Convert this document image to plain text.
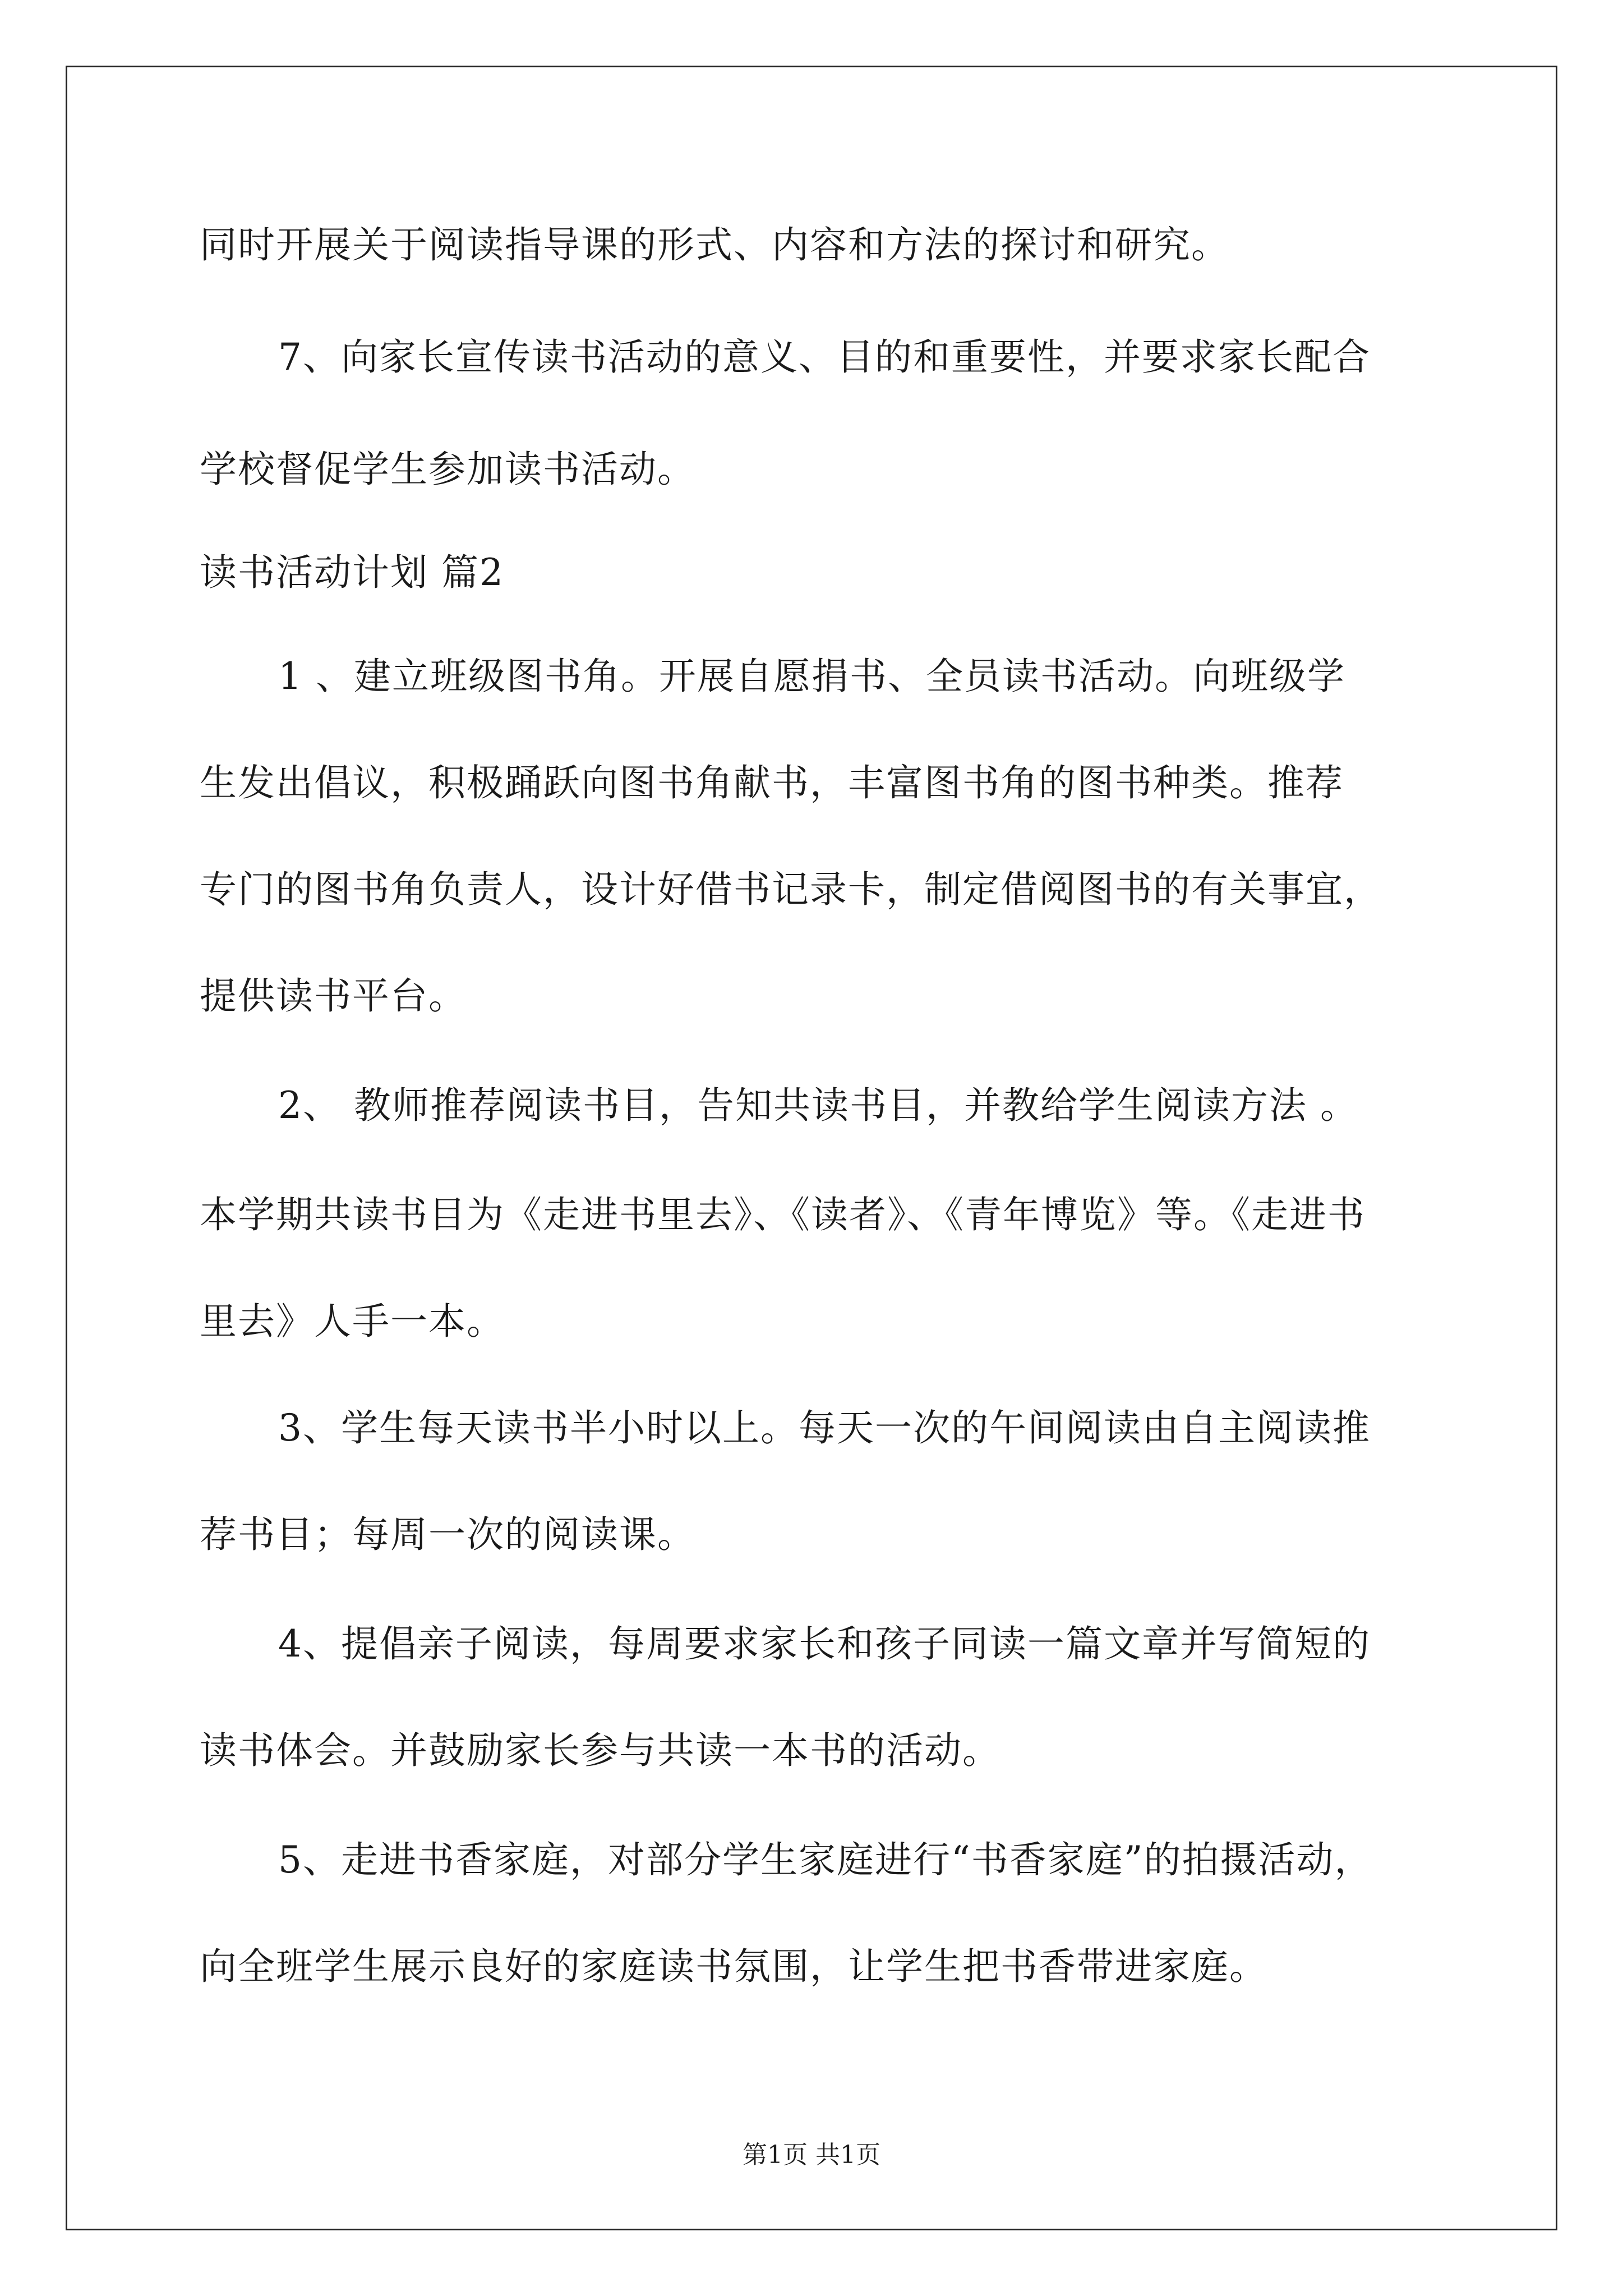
同时开展关于阅读指导课的形式、内容和方法的探讨和研究。
7、向家长宣传读书活动的意义、目的和重要性，并要求家长配合
学校督促学生参加读书活动。
读书活动计划 篇2
1 、建立班级图书角。开展自愿捐书、全员读书活动。向班级学
生发出倡议，积极踊跃向图书角献书，丰富图书角的图书种类。推荐
专门的图书角负责人，设计好借书记录卡，制定借阅图书的有关事宜，
提供读书平台。
2、 教师推荐阅读书目，告知共读书目，并教给学生阅读方法 。
本学期共读书目为《走进书里去》、《读者》、《青年博览》等。《走进书
里去》人手一本。
3、学生每天读书半小时以上。每天一次的午间阅读由自主阅读推
荐书目；每周一次的阅读课。
4、提倡亲子阅读，每周要求家长和孩子同读一篇文章并写简短的
读书体会。并鼓励家长参与共读一本书的活动。
5、走进书香家庭，对部分学生家庭进行“书香家庭”的拍摄活动，
向全班学生展示良好的家庭读书氛围，让学生把书香带进家庭。
第1页 共1页
